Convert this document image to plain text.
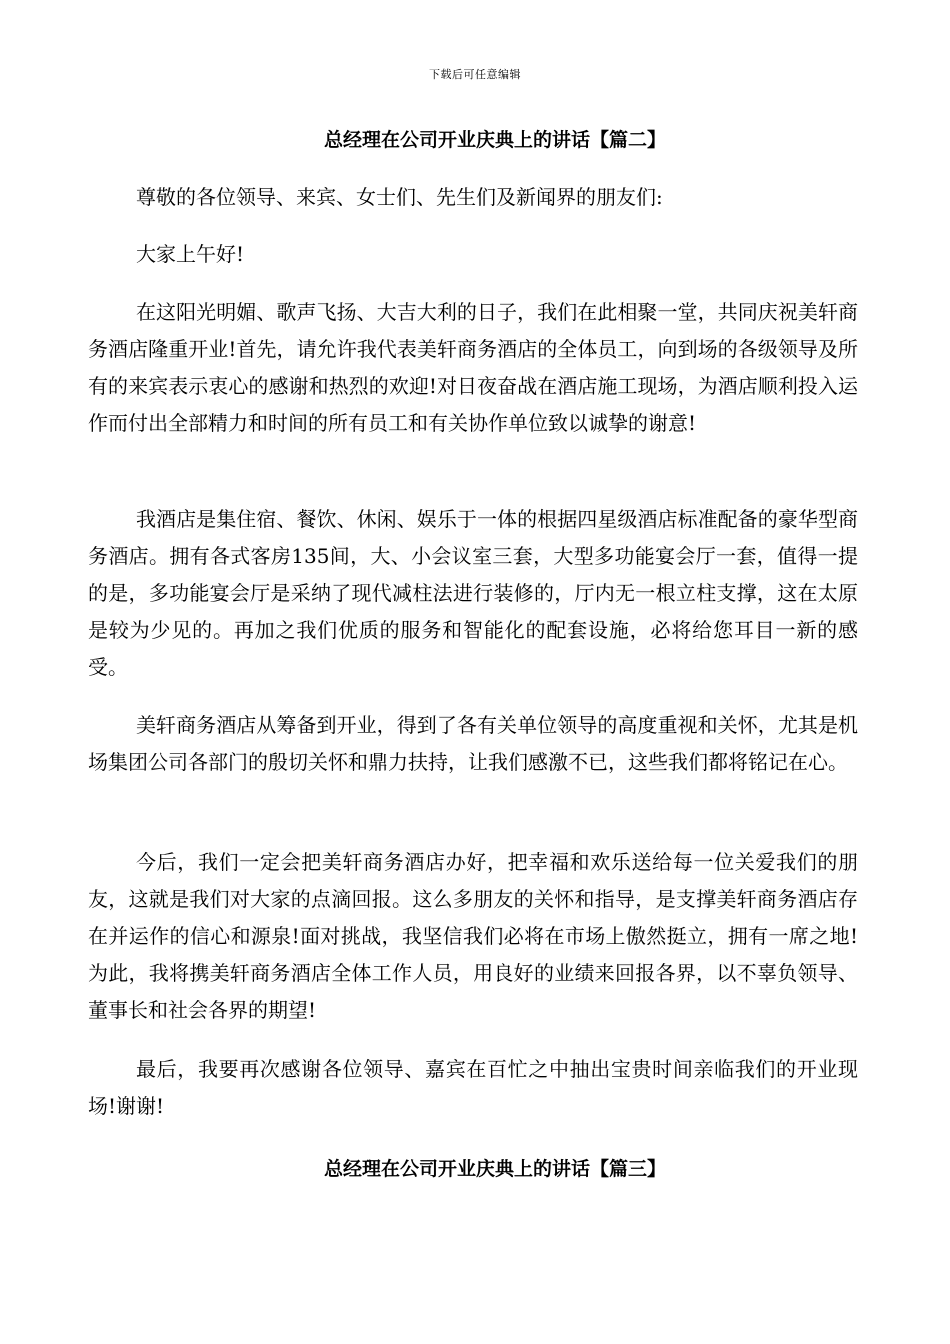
下载后可任意编辑
总经理在公司开业庆典上的讲话【篇二】

尊敬的各位领导、来宾、女士们、先生们及新闻界的朋友们:

大家上午好!

在这阳光明媚、歌声飞扬、大吉大利的日子，我们在此相聚一堂，共同庆祝美轩商务酒店隆重开业!首先，请允许我代表美轩商务酒店的全体员工，向到场的各级领导及所有的来宾表示衷心的感谢和热烈的欢迎!对日夜奋战在酒店施工现场，为酒店顺利投入运作而付出全部精力和时间的所有员工和有关协作单位致以诚挚的谢意!

我酒店是集住宿、餐饮、休闲、娱乐于一体的根据四星级酒店标准配备的豪华型商务酒店。拥有各式客房135间，大、小会议室三套，大型多功能宴会厅一套，值得一提的是，多功能宴会厅是采纳了现代减柱法进行装修的，厅内无一根立柱支撑，这在太原是较为少见的。再加之我们优质的服务和智能化的配套设施，必将给您耳目一新的感受。

美轩商务酒店从筹备到开业，得到了各有关单位领导的高度重视和关怀，尤其是机场集团公司各部门的殷切关怀和鼎力扶持，让我们感激不已，这些我们都将铭记在心。

今后，我们一定会把美轩商务酒店办好，把幸福和欢乐送给每一位关爱我们的朋友，这就是我们对大家的点滴回报。这么多朋友的关怀和指导，是支撑美轩商务酒店存在并运作的信心和源泉!面对挑战，我坚信我们必将在市场上傲然挺立，拥有一席之地!为此，我将携美轩商务酒店全体工作人员，用良好的业绩来回报各界，以不辜负领导、董事长和社会各界的期望!

最后，我要再次感谢各位领导、嘉宾在百忙之中抽出宝贵时间亲临我们的开业现场!谢谢!

总经理在公司开业庆典上的讲话【篇三】
